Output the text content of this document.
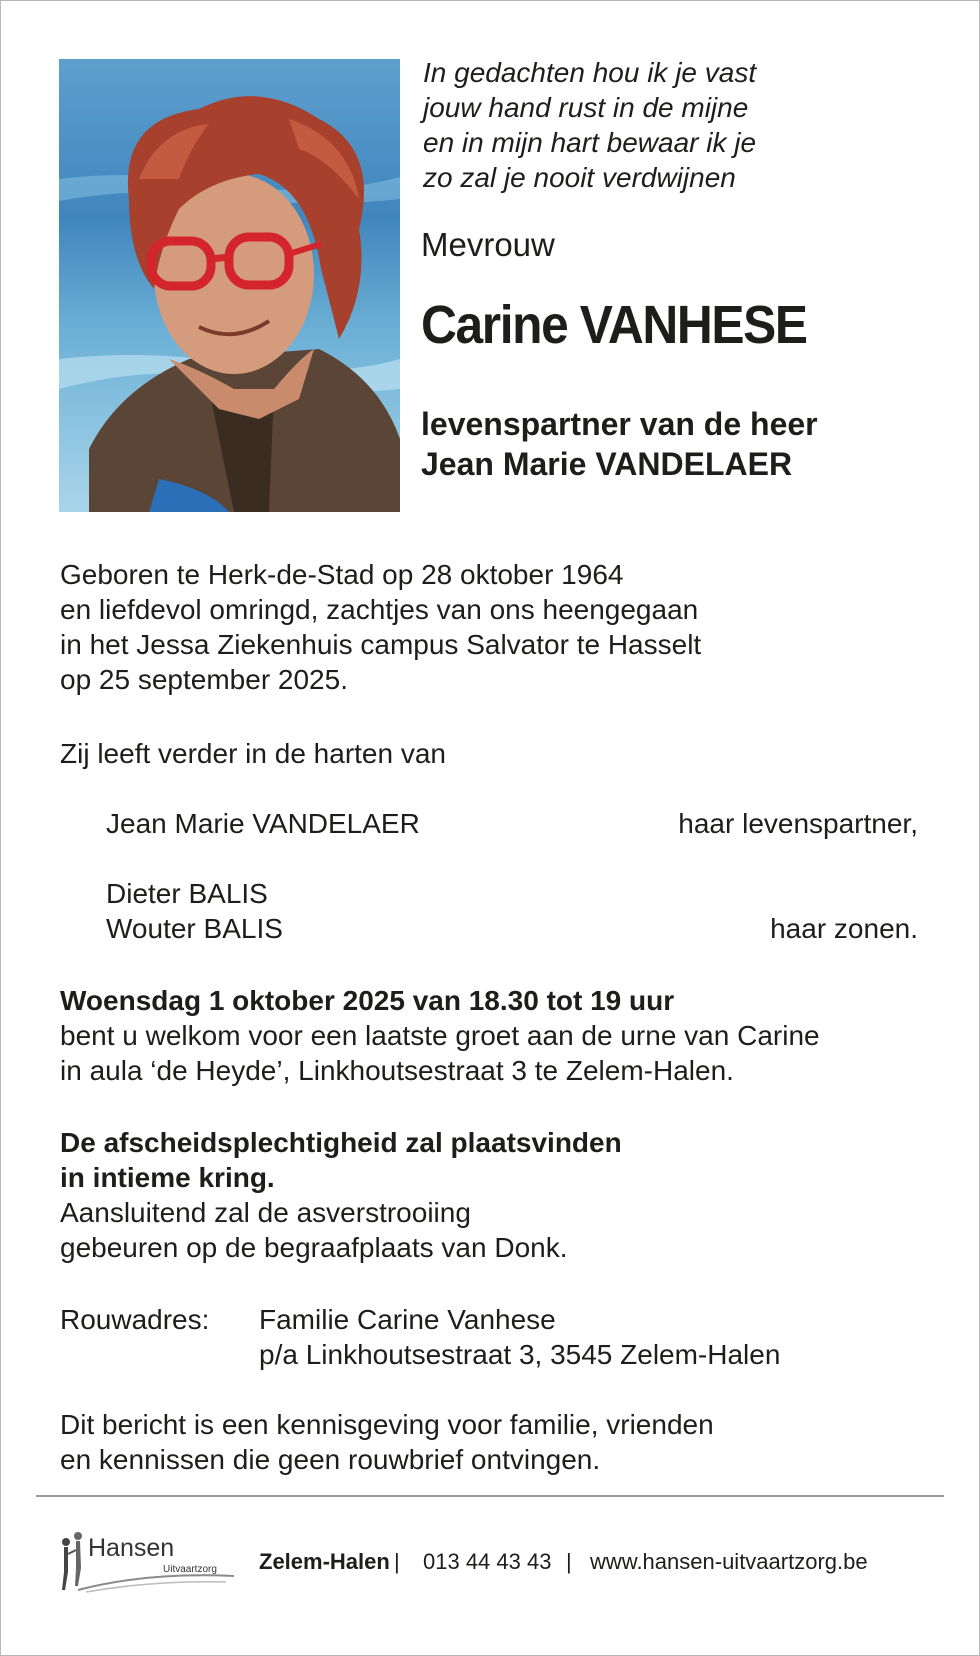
In gedachten hou ik je vast
jouw hand rust in de mijne
en in mijn hart bewaar ik je
zo zal je nooit verdwijnen
Mevrouw
Carine VANHESE
levenspartner van de heer
Jean Marie VANDELAER
Geboren te Herk-de-Stad op 28 oktober 1964
en liefdevol omringd, zachtjes van ons heengegaan
in het Jessa Ziekenhuis campus Salvator te Hasselt
op 25 september 2025.
Zij leeft verder in de harten van
Jean Marie VANDELAER	haar levenspartner,
Dieter BALIS
Wouter BALIS	haar zonen.
Woensdag 1 oktober 2025 van 18.30 tot 19 uur
bent u welkom voor een laatste groet aan de urne van Carine
in aula ‘de Heyde’, Linkhoutsestraat 3 te Zelem-Halen.
De afscheidsplechtigheid zal plaatsvinden
in intieme kring.
Aansluitend zal de asverstrooiing
gebeuren op de begraafplaats van Donk.
Rouwadres: Familie Carine Vanhese
p/a Linkhoutsestraat 3, 3545 Zelem-Halen
Dit bericht is een kennisgeving voor familie, vrienden
en kennissen die geen rouwbrief ontvingen.
Hansen
Uitvaartzorg Zelem-Halen | 013 44 43 43 | www.hansen-uitvaartzorg.be
